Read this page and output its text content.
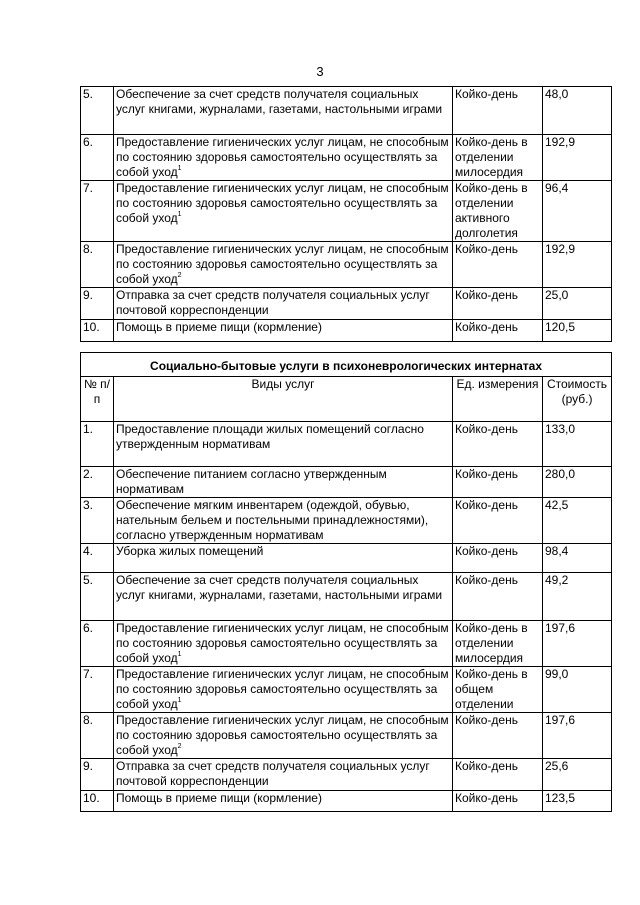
3
5.	Обеспечение за счет средств получателя социальных услуг книгами, журналами, газетами, настольными играми	Койко-день	48,0
6.	Предоставление гигиенических услуг лицам, не способным по состоянию здоровья самостоятельно осуществлять за собой уход$^1$	Койко-день в отделении милосердия	192,9
7.	Предоставление гигиенических услуг лицам, не способным по состоянию здоровья самостоятельно осуществлять за собой уход$^1$	Койко-день в отделении активного долголетия	96,4
8.	Предоставление гигиенических услуг лицам, не способным по состоянию здоровья самостоятельно осуществлять за собой уход$^2$	Койко-день	192,9
9.	Отправка за счет средств получателя социальных услуг почтовой корреспонденции	Койко-день	25,0
10.	Помощь в приеме пищи (кормление)	Койко-день	120,5
Социально-бытовые услуги в психоневрологических интернатах			
№ п/п	Виды услуг	Ед. измерения	Стоимость (руб.)
1.	Предоставление площади жилых помещений согласно утвержденным нормативам	Койко-день	133,0
2.	Обеспечение питанием согласно утвержденным нормативам	Койко-день	280,0
3.	Обеспечение мягким инвентарем (одеждой, обувью, нательным бельем и постельными принадлежностями), согласно утвержденным нормативам	Койко-день	42,5
4.	Уборка жилых помещений	Койко-день	98,4
5.	Обеспечение за счет средств получателя социальных услуг книгами, журналами, газетами, настольными играми	Койко-день	49,2
6.	Предоставление гигиенических услуг лицам, не способным по состоянию здоровья самостоятельно осуществлять за собой уход$^1$	Койко-день в отделении милосердия	197,6
7.	Предоставление гигиенических услуг лицам, не способным по состоянию здоровья самостоятельно осуществлять за собой уход$^1$	Койко-день в общем отделении	99,0
8.	Предоставление гигиенических услуг лицам, не способным по состоянию здоровья самостоятельно осуществлять за собой уход$^2$	Койко-день	197,6
9.	Отправка за счет средств получателя социальных услуг почтовой корреспонденции	Койко-день	25,6
10.	Помощь в приеме пищи (кормление)	Койко-день	123,5
